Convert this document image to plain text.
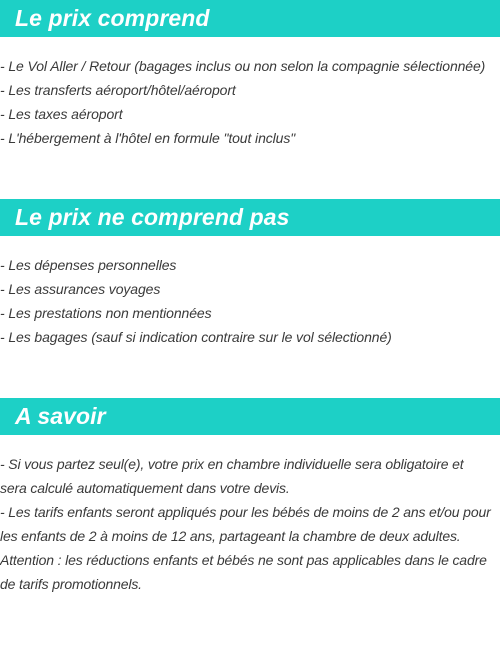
Le prix comprend
- Le Vol Aller / Retour (bagages inclus ou non selon la compagnie sélectionnée)
- Les transferts aéroport/hôtel/aéroport
- Les taxes aéroport
- L'hébergement à l'hôtel en formule "tout inclus"
Le prix ne comprend pas
- Les dépenses personnelles
- Les assurances voyages
- Les prestations non mentionnées
- Les bagages (sauf si indication contraire sur le vol sélectionné)
A savoir

- Si vous partez seul(e), votre prix en chambre individuelle sera obligatoire et

sera calculé automatiquement dans votre devis.

- Les tarifs enfants seront appliqués pour les bébés de moins de 2 ans et/ou pour

les enfants de 2 à moins de 12 ans, partageant la chambre de deux adultes.

Attention : les réductions enfants et bébés ne sont pas applicables dans le cadre

de tarifs promotionnels.
